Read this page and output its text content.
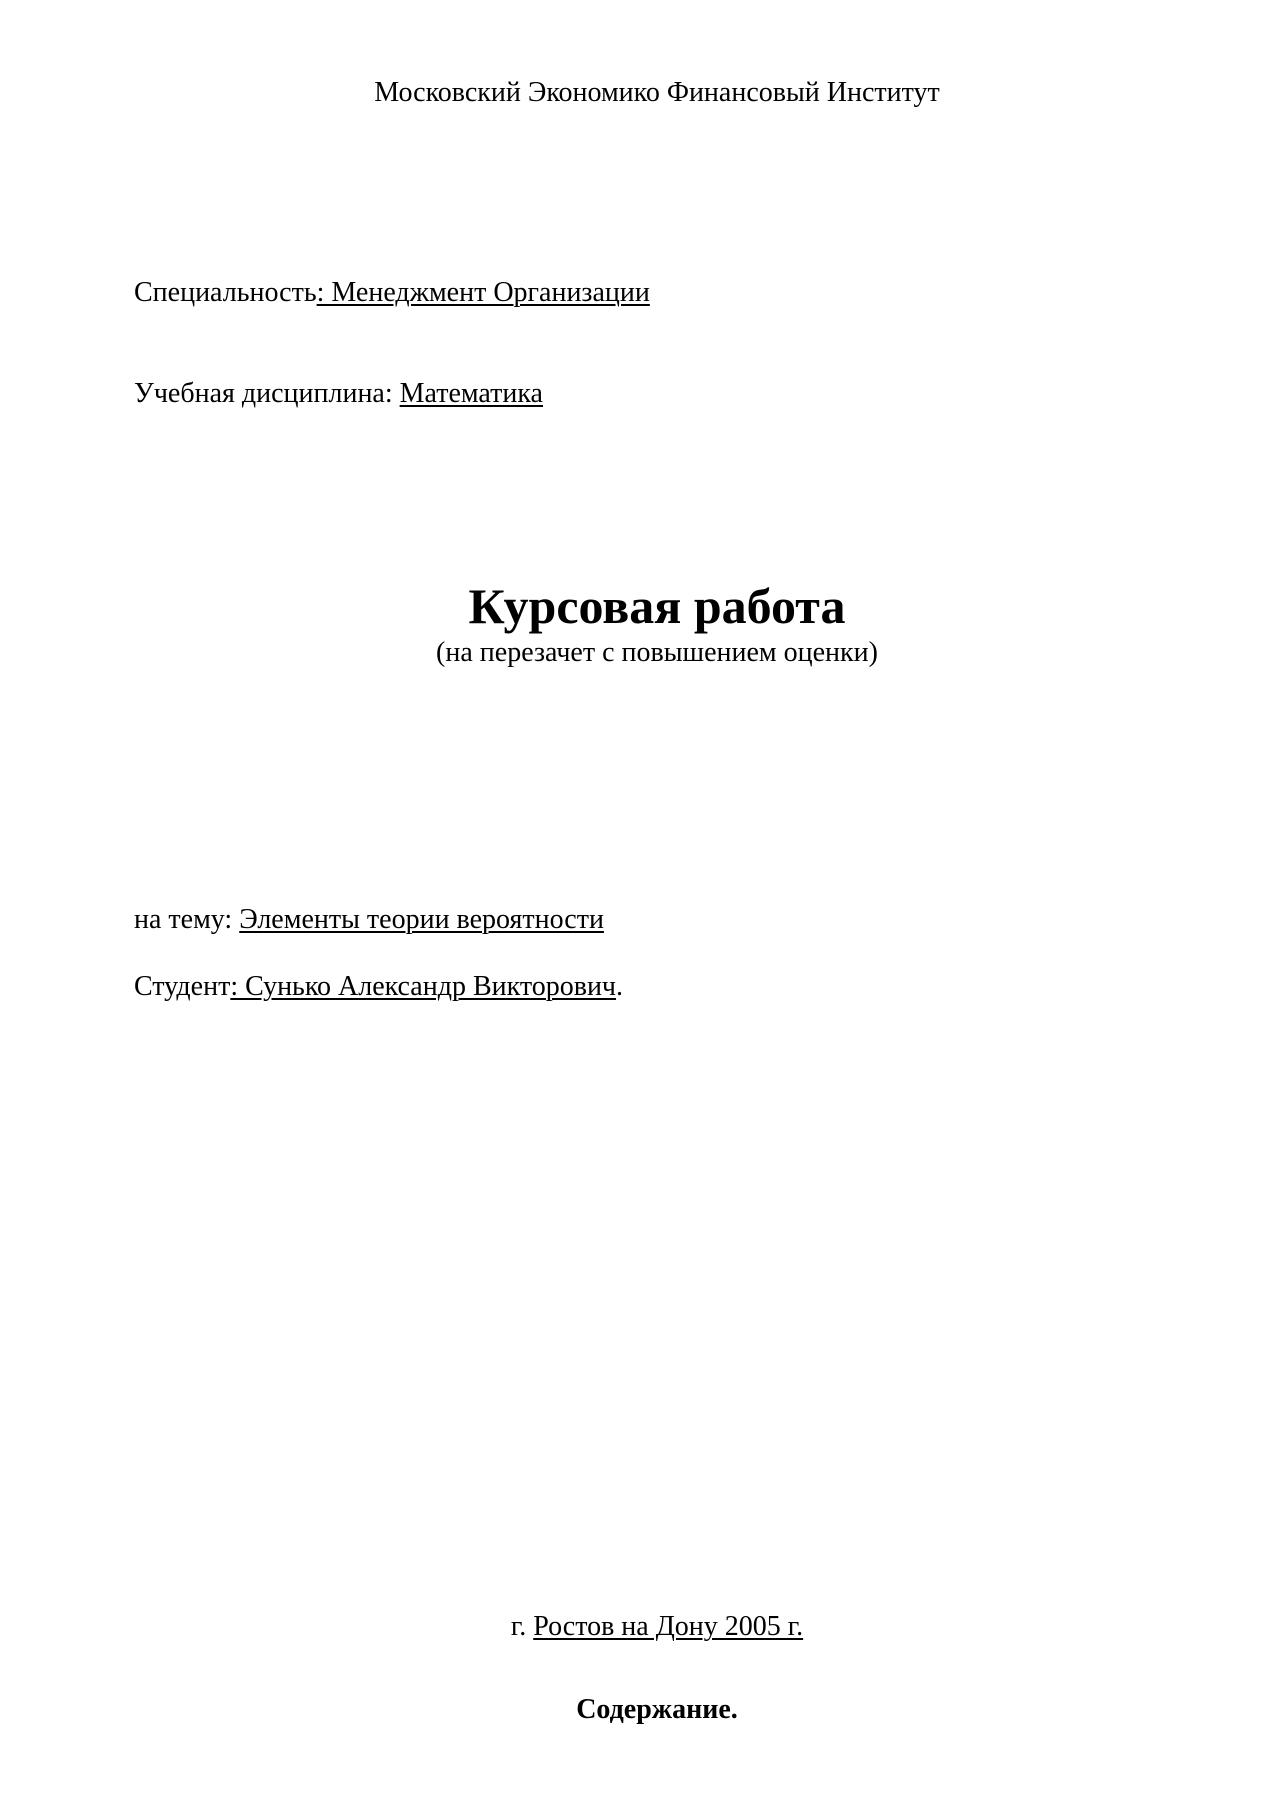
Московский Экономико Финансовый Институт
Специальность: Менеджмент Организации
Учебная дисциплина: Математика
Курсовая работа
(на перезачет с повышением оценки)
на тему: Элементы теории вероятности
Студент: Сунько Александр Викторович.
г. Ростов на Дону 2005 г.
Содержание.
